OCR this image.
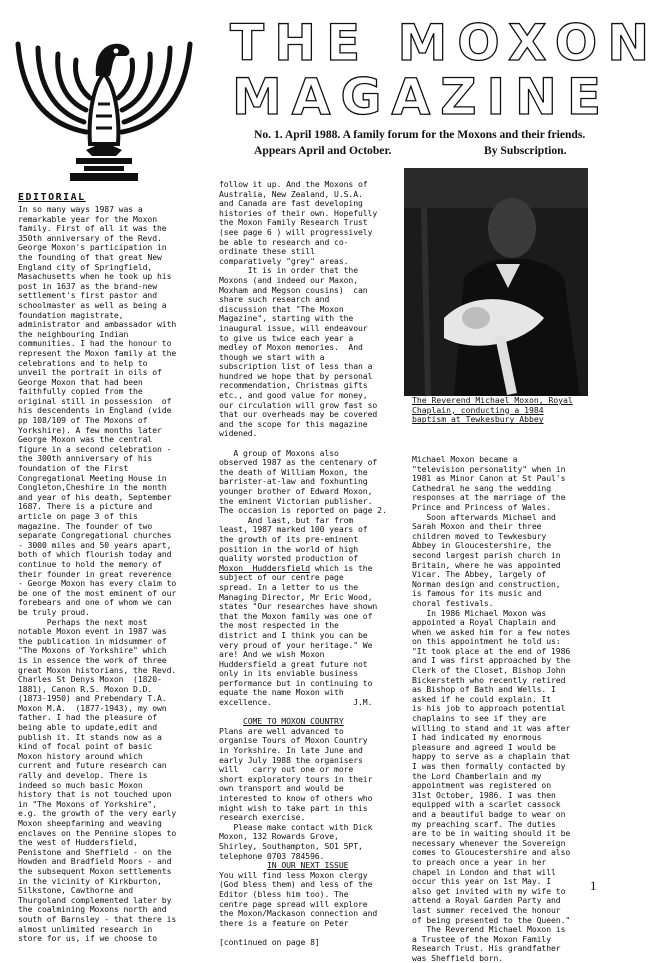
THE MOXON
MAGAZINE
No. 1. April 1988. A family forum for the Moxons and their friends.
Appears April and October.	By Subscription.
EDITORIAL
In so many ways 1987 was a
remarkable year for the Moxon
family. First of all it was the
350th anniversary of the Revd.
George Moxon's participation in
the founding of that great New
England city of Springfield,
Masachusetts when he took up his
post in 1637 as the brand-new
settlement's first pastor and
schoolmaster as well as being a
foundation magistrate,
administrator and ambassador with
the neighbouring Indian
communities. I had the honour to
represent the Moxon family at the
celebrations and to help to
unveil the portrait in oils of
George Moxon that had been
faithfully copied from the
original still in possession  of
his descendents in England (vide
pp 108/109 of The Moxons of
Yorkshire). A few months later
George Moxon was the central
figure in a second celebration -
the 300th anniversary of his
foundation of the First
Congregational Meeting House in
Congleton,Cheshire in the month
and year of his death, September
1687. There is a picture and
article on page 3 of this
magazine. The founder of two
separate Congregational churches
- 3000 miles and 50 years apart,
both of which flourish today and
continue to hold the memory of
their founder in great reverence
- George Moxon has every claim to
be one of the most eminent of our
forebears and one of whom we can
be truly proud.
Perhaps the next most
notable Moxon event in 1987 was
the publication in midsummer of
"The Moxons of Yorkshire" which
is in essence the work of three
great Moxon historians, the Revd.
Charles St Denys Moxon  (1820-
1881), Canon R.S. Moxon D.D.
(1873-1950) and Prebendary T.A.
Moxon M.A.  (1877-1943), my own
father. I had the pleasure of
being able to update,edit and
publish it. It stands now as a
kind of focal point of basic
Moxon history around which
current and future research can
rally and develop. There is
indeed so much basic Moxon
history that is not touched upon
in "The Moxons of Yorkshire",
e.g. the growth of the very early
Moxon sheepfarming and weaving
enclaves on the Pennine slopes to
the west of Huddersfield,
Penistone and Sheffield - on the
Howden and Bradfield Moors - and
the subsequent Moxon settlements
in the vicinity of Kirkburton,
Silkstone, Cawthorne and
Thurgoland complemented later by
the coalmining Moxons north and
south of Barnsley - that there is
almost unlimited research in
store for us, if we choose to
follow it up. And the Moxons of
Australia, New Zealand, U.S.A.
and Canada are fast developing
histories of their own. Hopefully
the Moxon Family Research Trust
(see page 6 ) will progressively
be able to research and co-
ordinate these still
comparatively "grey" areas.
It is in order that the
Moxons (and indeed our Maxon,
Moxham and Megson cousins)  can
share such research and
discussion that "The Moxon
Magazine", starting with the
inaugural issue, will endeavour
to give us twice each year a
medley of Moxon memories.  And
though we start with a
subscription list of less than a
hundred we hope that by personal
recommendation, Christmas gifts
etc., and good value for money,
our circulation will grow fast so
that our overheads may be covered
and the scope for this magazine
widened.

A group of Moxons also
observed 1987 as the centenary of
the death of William Moxon, the
barrister-at-law and foxhunting
younger brother of Edward Moxon,
the eminent Victorian publisher.
The occasion is reported on page 2.
And last, but far from
least, 1987 marked 100 years of
the growth of its pre-eminent
position in the world of high
quality worsted production of
Moxon  Huddersfield which is the
subject of our centre page
spread. In a letter to us the
Managing Director, Mr Eric Wood,
states "Our researches have shown
that the Moxon family was one of
the most respected in the
district and I think you can be
very proud of your heritage." We
are! And we wish Moxon
Huddersfield a great future not
only in its enviable business
performance but in continuing to
equate the name Moxon with
excellence.                 J.M.

COME TO MOXON COUNTRY
Plans are well advanced to
organise Tours of Moxon Country
in Yorkshire. In late June and
early July 1988 the organisers
will   carry out one or more
short exploratory tours in their
own transport and would be
interested to know of others who
might wish to take part in this
research exercise.
Please make contact with Dick
Moxon, 132 Rowards Grove,
Shirley, Southampton, SO1 5PT,
telephone 0703 784596.
IN OUR NEXT ISSUE
You will find less Moxon clergy
(God bless them) and less of the
Editor (bless him too). The
centre page spread will explore
the Moxon/Mackason connection and
there is a feature on Peter

[continued on page 8]
The Reverend Michael Moxon, Royal
Chaplain, conducting a 1984
baptism at Tewkesbury Abbey
Michael Moxon became a
"television personality" when in
1981 as Minor Canon at St Paul's
Cathedral he sang the wedding
responses at the marriage of the
Prince and Princess of Wales.
Soon afterwards Michael and
Sarah Moxon and their three
children moved to Tewkesbury
Abbey in Gloucestershire, the
second largest parish church in
Britain, where he was appointed
Vicar. The Abbey, largely of
Norman design and construction,
is famous for its music and
choral festivals.
In 1986 Michael Moxon was
appointed a Royal Chaplain and
when we asked him for a few notes
on this appointment he told us:
"It took place at the end of 1986
and I was first approached by the
Clerk of the Closet, Bishop John
Bickersteth who recently retired
as Bishop of Bath and Wells. I
asked if he could explain. It
is his job to approach potential
chaplains to see if they are
willing to stand and it was after
I had indicated my enormous
pleasure and agreed I would be
happy to serve as a chaplain that
I was then formally contacted by
the Lord Chamberlain and my
appointment was registered on
31st October, 1986. I was then
equipped with a scarlet cassock
and a beautiful badge to wear on
my preaching scarf. The duties
are to be in waiting should it be
necessary whenever the Sovereign
comes to Gloucestershire and also
to preach once a year in her
chapel in London and that will
occur this year on 1st May. I
also get invited with my wife to
attend a Royal Garden Party and
last summer received the honour
of being presented to the Queen."
The Reverend Michael Moxon is
a Trustee of the Moxon Family
Research Trust. His grandfather
was Sheffield born.
1
